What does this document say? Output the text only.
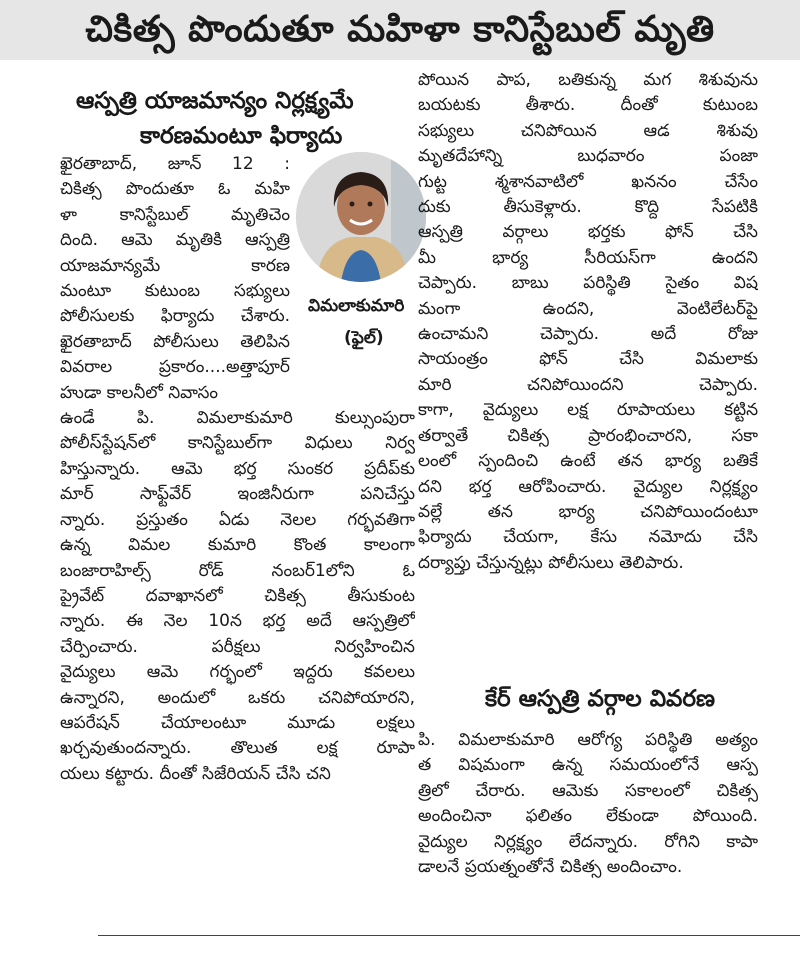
చికిత్స పొందుతూ మహిళా కానిస్టేబుల్ మృతి
ఆస్పత్రి యాజమాన్యం నిర్లక్ష్యమే
కారణమంటూ ఫిర్యాదు
ఖైరతాబాద్, జూన్ 12 :
చికిత్స పొందుతూ ఓ మహి
ళా కానిస్టేబుల్ మృతిచెం
దింది. ఆమె మృతికి ఆస్పత్రి
యాజమాన్యమే కారణ
మంటూ కుటుంబ సభ్యులు
పోలీసులకు ఫిర్యాదు చేశారు.
ఖైరతాబాద్ పోలీసులు తెలిపిన
వివరాల ప్రకారం....అత్తాపూర్
హుడా కాలనీలో నివాసం
ఉండే పి. విమలాకుమారి కుల్సుంపురా
పోలీస్‌స్టేషన్‌లో కానిస్టేబుల్‌గా విధులు నిర్వ
హిస్తున్నారు. ఆమె భర్త సుంకర ప్రదీప్‌కు
మార్ సాఫ్ట్‌వేర్ ఇంజినీరుగా పనిచేస్తు
న్నారు. ప్రస్తుతం ఏడు నెలల గర్భవతిగా
ఉన్న విమల కుమారి కొంత కాలంగా
బంజారాహిల్స్ రోడ్ నంబర్1లోని ఓ
ప్రైవేట్ దవాఖానలో చికిత్స తీసుకుంట
న్నారు. ఈ నెల 10న భర్త అదే ఆస్పత్రిలో
చేర్పించారు. పరీక్షలు నిర్వహించిన
వైద్యులు ఆమె గర్భంలో ఇద్దరు కవలలు
ఉన్నారని, అందులో ఒకరు చనిపోయారని,
ఆపరేషన్ చేయాలంటూ మూడు లక్షలు
ఖర్చవుతుందన్నారు. తొలుత లక్ష రూపా
యలు కట్టారు. దీంతో సిజేరియన్ చేసి చని
విమలాకుమారి
(ఫైల్)
పోయిన పాప, బతికున్న మగ శిశువును
బయటకు తీశారు. దీంతో కుటుంబ
సభ్యులు చనిపోయిన ఆడ శిశువు
మృతదేహాన్ని బుధవారం పంజా
గుట్ట శ్మశానవాటిలో ఖననం చేసేం
దుకు తీసుకెళ్లారు. కొద్ది సేపటికి
ఆస్పత్రి వర్గాలు భర్తకు ఫోన్ చేసి
మీ భార్య సీరియస్‌గా ఉందని
చెప్పారు. బాబు పరిస్థితి సైతం విష
మంగా ఉందని, వెంటిలేటర్‌పై
ఉంచామని చెప్పారు. అదే రోజు
సాయంత్రం ఫోన్ చేసి విమలాకు
మారి చనిపోయిందని చెప్పారు.
కాగా, వైద్యులు లక్ష రూపాయలు కట్టిన
తర్వాతే చికిత్స ప్రారంభించారని, సకా
లంలో స్పందించి ఉంటే తన భార్య బతికే
దని భర్త ఆరోపించారు. వైద్యుల నిర్లక్ష్యం
వల్లే తన భార్య చనిపోయిందంటూ
ఫిర్యాదు చేయగా, కేసు నమోదు చేసి
దర్యాప్తు చేస్తున్నట్లు పోలీసులు తెలిపారు.
కేర్ ఆస్పత్రి వర్గాల వివరణ
పి. విమలాకుమారి ఆరోగ్య పరిస్థితి అత్యం
త విషమంగా ఉన్న సమయంలోనే ఆస్ప
త్రిలో చేరారు. ఆమెకు సకాలంలో చికిత్స
అందించినా ఫలితం లేకుండా పోయింది.
వైద్యుల నిర్లక్ష్యం లేదన్నారు. రోగిని కాపా
డాలనే ప్రయత్నంతోనే చికిత్స అందించాం.
